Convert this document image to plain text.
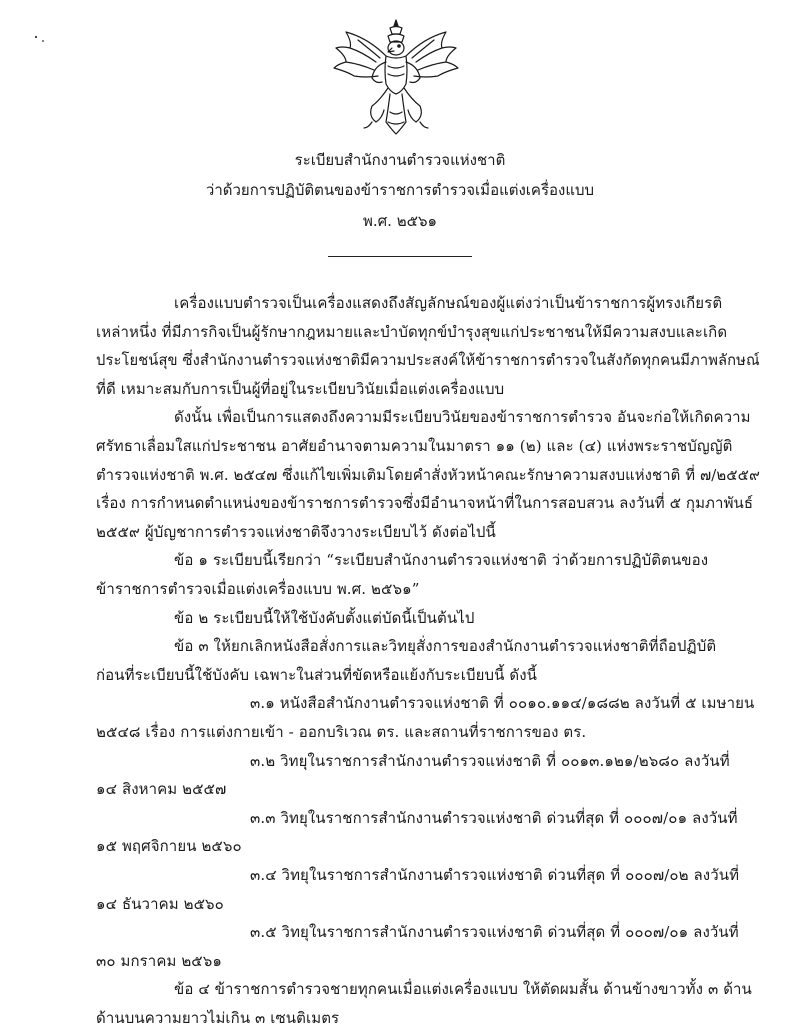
ระเบียบสำนักงานตำรวจแห่งชาติ
ว่าด้วยการปฏิบัติตนของข้าราชการตำรวจเมื่อแต่งเครื่องแบบ
พ.ศ. ๒๕๖๑
เครื่องแบบตำรวจเป็นเครื่องแสดงถึงสัญลักษณ์ของผู้แต่งว่าเป็นข้าราชการผู้ทรงเกียรติ
เหล่าหนึ่ง ที่มีภารกิจเป็นผู้รักษากฎหมายและบำบัดทุกข์บำรุงสุขแก่ประชาชนให้มีความสงบและเกิด
ประโยชน์สุข ซึ่งสำนักงานตำรวจแห่งชาติมีความประสงค์ให้ข้าราชการตำรวจในสังกัดทุกคนมีภาพลักษณ์
ที่ดี เหมาะสมกับการเป็นผู้ที่อยู่ในระเบียบวินัยเมื่อแต่งเครื่องแบบ
ดังนั้น เพื่อเป็นการแสดงถึงความมีระเบียบวินัยของข้าราชการตำรวจ อันจะก่อให้เกิดความ
ศรัทธาเลื่อมใสแก่ประชาชน อาศัยอำนาจตามความในมาตรา ๑๑ (๒) และ (๔) แห่งพระราชบัญญัติ
ตำรวจแห่งชาติ พ.ศ. ๒๕๔๗ ซึ่งแก้ไขเพิ่มเติมโดยคำสั่งหัวหน้าคณะรักษาความสงบแห่งชาติ ที่ ๗/๒๕๕๙
เรื่อง การกำหนดตำแหน่งของข้าราชการตำรวจซึ่งมีอำนาจหน้าที่ในการสอบสวน ลงวันที่ ๕ กุมภาพันธ์
๒๕๕๙ ผู้บัญชาการตำรวจแห่งชาติจึงวางระเบียบไว้ ดังต่อไปนี้
ข้อ ๑ ระเบียบนี้เรียกว่า “ระเบียบสำนักงานตำรวจแห่งชาติ ว่าด้วยการปฏิบัติตนของ
ข้าราชการตำรวจเมื่อแต่งเครื่องแบบ พ.ศ. ๒๕๖๑”
ข้อ ๒ ระเบียบนี้ให้ใช้บังคับตั้งแต่บัดนี้เป็นต้นไป
ข้อ ๓ ให้ยกเลิกหนังสือสั่งการและวิทยุสั่งการของสำนักงานตำรวจแห่งชาติที่ถือปฏิบัติ
ก่อนที่ระเบียบนี้ใช้บังคับ เฉพาะในส่วนที่ขัดหรือแย้งกับระเบียบนี้ ดังนี้
๓.๑ หนังสือสำนักงานตำรวจแห่งชาติ ที่ ๐๐๑๐.๑๑๔/๑๘๘๒ ลงวันที่ ๕ เมษายน
๒๕๔๘ เรื่อง การแต่งกายเข้า - ออกบริเวณ ตร. และสถานที่ราชการของ ตร.
๓.๒ วิทยุในราชการสำนักงานตำรวจแห่งชาติ ที่ ๐๐๑๓.๑๒๑/๒๖๘๐ ลงวันที่
๑๔ สิงหาคม ๒๕๕๗
๓.๓ วิทยุในราชการสำนักงานตำรวจแห่งชาติ ด่วนที่สุด ที่ ๐๐๐๗/๐๑ ลงวันที่
๑๕ พฤศจิกายน ๒๕๖๐
๓.๔ วิทยุในราชการสำนักงานตำรวจแห่งชาติ ด่วนที่สุด ที่ ๐๐๐๗/๐๒ ลงวันที่
๑๔ ธันวาคม ๒๕๖๐
๓.๕ วิทยุในราชการสำนักงานตำรวจแห่งชาติ ด่วนที่สุด ที่ ๐๐๐๗/๐๑ ลงวันที่
๓๐ มกราคม ๒๕๖๑
ข้อ ๔ ข้าราชการตำรวจชายทุกคนเมื่อแต่งเครื่องแบบ ให้ตัดผมสั้น ด้านข้างขาวทั้ง ๓ ด้าน
ด้านบนความยาวไม่เกิน ๓ เซนติเมตร
